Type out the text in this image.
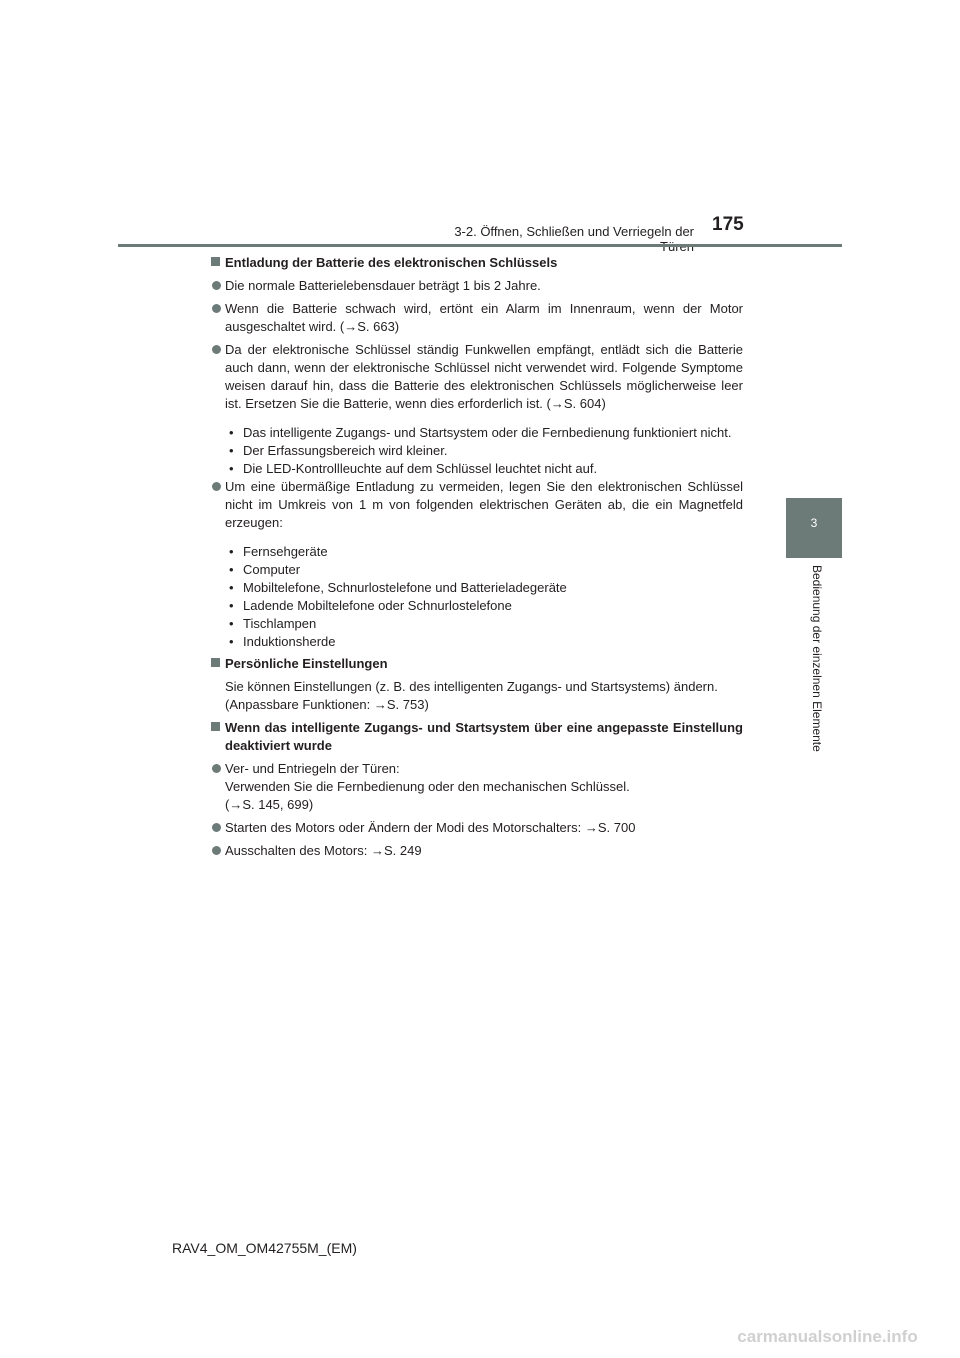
3-2. Öffnen, Schließen und Verriegeln der 175
3
Bedienung der einzelnen Elemente
Entladung der Batterie des elektronischen Schlüssels
Die normale Batterielebensdauer beträgt 1 bis 2 Jahre.
Wenn die Batterie schwach wird, ertönt ein Alarm im Innenraum, wenn der Motor ausgeschaltet wird. (→S. 663)
Da der elektronische Schlüssel ständig Funkwellen empfängt, entlädt sich die Batterie auch dann, wenn der elektronische Schlüssel nicht verwendet wird. Folgende Symptome weisen darauf hin, dass die Batterie des elektronischen Schlüssels möglicherweise leer ist. Ersetzen Sie die Batterie, wenn dies erforderlich ist. (→S. 604)
• Das intelligente Zugangs- und Startsystem oder die Fernbedienung funktioniert nicht.
• Der Erfassungsbereich wird kleiner.
• Die LED-Kontrollleuchte auf dem Schlüssel leuchtet nicht auf.
Um eine übermäßige Entladung zu vermeiden, legen Sie den elektronischen Schlüssel nicht im Umkreis von 1 m von folgenden elektrischen Geräten ab, die ein Magnetfeld erzeugen:
• Fernsehgeräte
• Computer
• Mobiltelefone, Schnurlostelefone und Batterieladegeräte
• Ladende Mobiltelefone oder Schnurlostelefone
• Tischlampen
• Induktionsherde
Persönliche Einstellungen
Sie können Einstellungen (z. B. des intelligenten Zugangs- und Startsystems) ändern.
(Anpassbare Funktionen: →S. 753)
Wenn das intelligente Zugangs- und Startsystem über eine angepasste Einstellung deaktiviert wurde
Ver- und Entriegeln der Türen:
Verwenden Sie die Fernbedienung oder den mechanischen Schlüssel.
(→S. 145, 699)
Starten des Motors oder Ändern der Modi des Motorschalters: →S. 700
Ausschalten des Motors: →S. 249
RAV4_OM_OM42755M_(EM)
carmanualsonline.info
